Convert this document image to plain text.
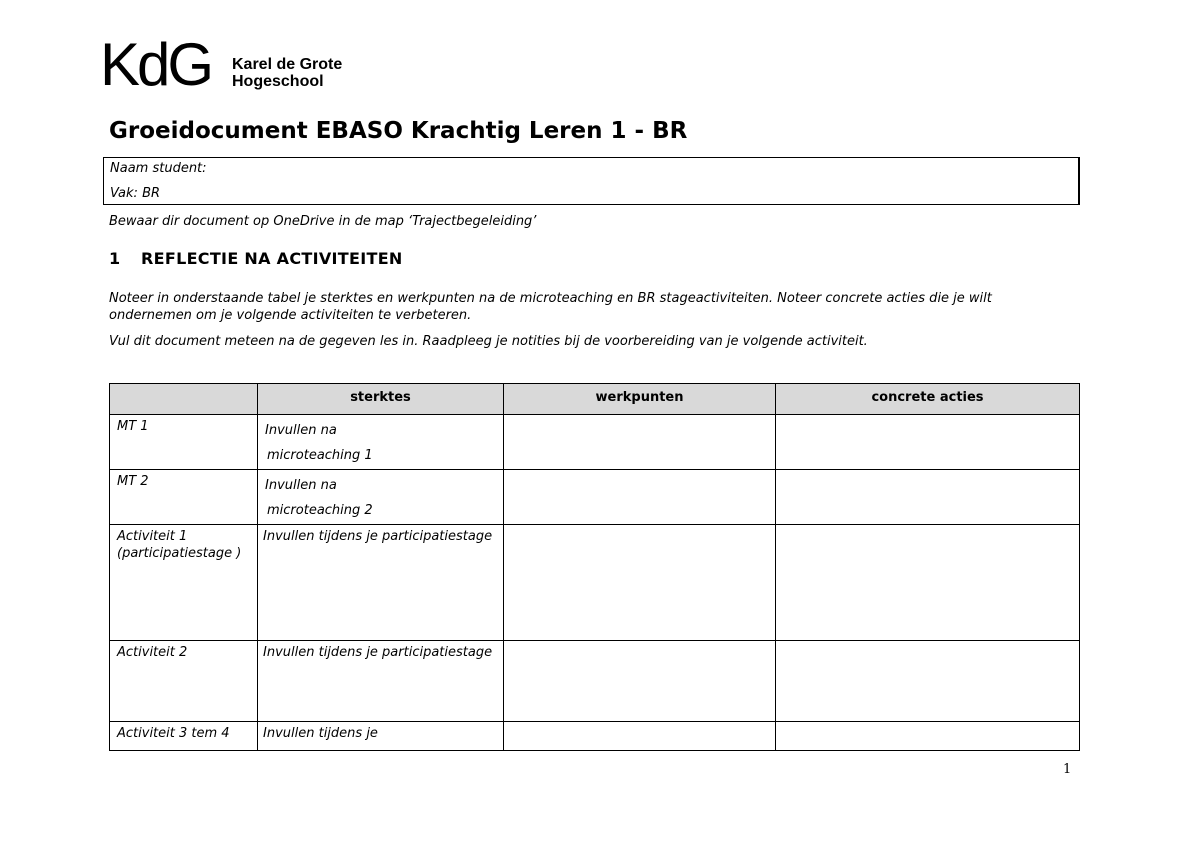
KdG	Karel de Grote
Hogeschool
Groeidocument EBASO Krachtig Leren 1 - BR
Naam student:
Vak: BR
Bewaar dir document op OneDrive in de map ‘Trajectbegeleiding’
1 REFLECTIE NA ACTIVITEITEN

Noteer in onderstaande tabel je sterktes en werkpunten na de microteaching en BR stageactiviteiten. Noteer concrete acties die je wilt ondernemen om je volgende activiteiten te verbeteren.

Vul dit document meteen na de gegeven les in. Raadpleeg je notities bij de voorbereiding van je volgende activiteit.

	sterktes	werkpunten	concrete acties

MT 1	Invullen na
microteaching 1		

MT 2	Invullen na
microteaching 2		

Activiteit 1 (participatiestage )	Invullen tijdens je participatiestage		

Activiteit 2	Invullen tijdens je participatiestage		

Activiteit 3 tem 4	Invullen tijdens je		

1
